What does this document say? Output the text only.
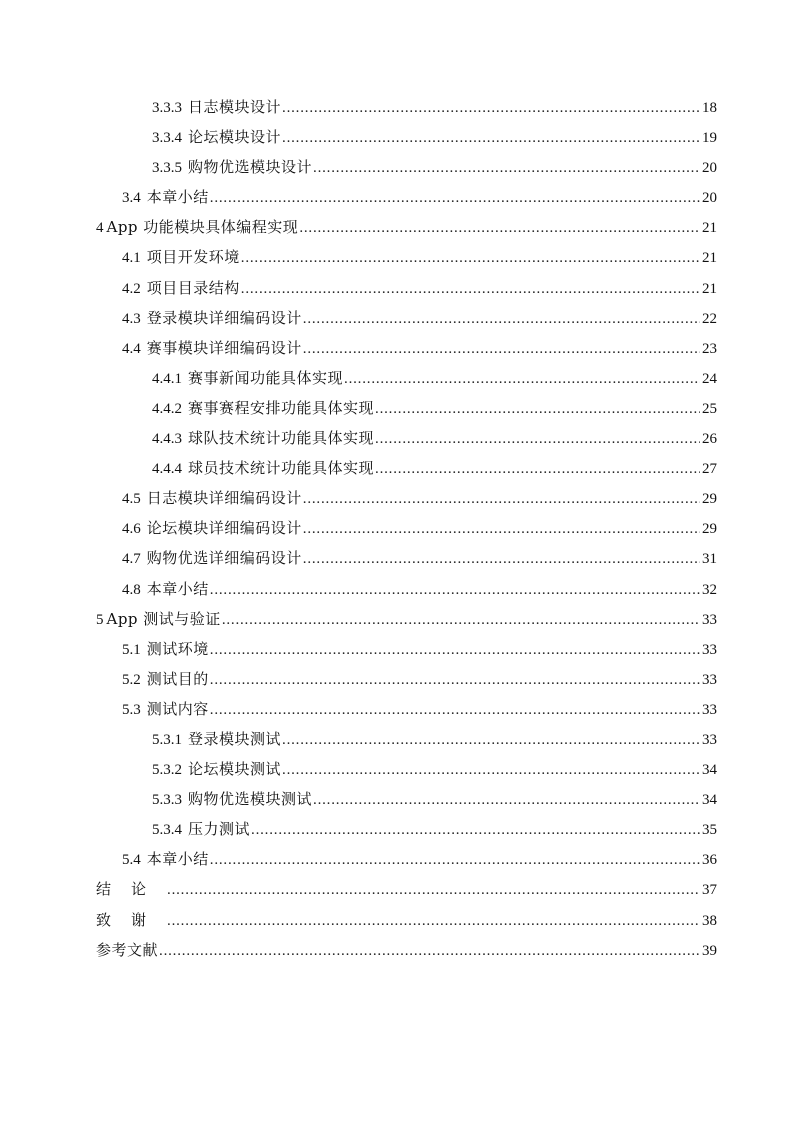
3.3.3 日志模块设计 .....	18
3.3.4 论坛模块设计 .....	19
3.3.5 购物优选模块设计 .....	20
3.4 本章小结 .....	20
4 App 功能模块具体编程实现 .....	21
4.1 项目开发环境 .....	21
4.2 项目目录结构 .....	21
4.3 登录模块详细编码设计 .....	22
4.4 赛事模块详细编码设计 .....	23
4.4.1 赛事新闻功能具体实现 .....	24
4.4.2 赛事赛程安排功能具体实现 .....	25
4.4.3 球队技术统计功能具体实现 .....	26
4.4.4 球员技术统计功能具体实现 .....	27
4.5 日志模块详细编码设计 .....	29
4.6 论坛模块详细编码设计 .....	29
4.7 购物优选详细编码设计 .....	31
4.8 本章小结 .....	32
5 App 测试与验证 .....	33
5.1 测试环境 .....	33
5.2 测试目的 .....	33
5.3 测试内容 .....	33
5.3.1 登录模块测试 .....	33
5.3.2 论坛模块测试 .....	34
5.3.3 购物优选模块测试 .....	34
5.3.4 压力测试 .....	35
5.4 本章小结 .....	36
结论 .....	37
致谢 .....	38
参考文献 .....	39
